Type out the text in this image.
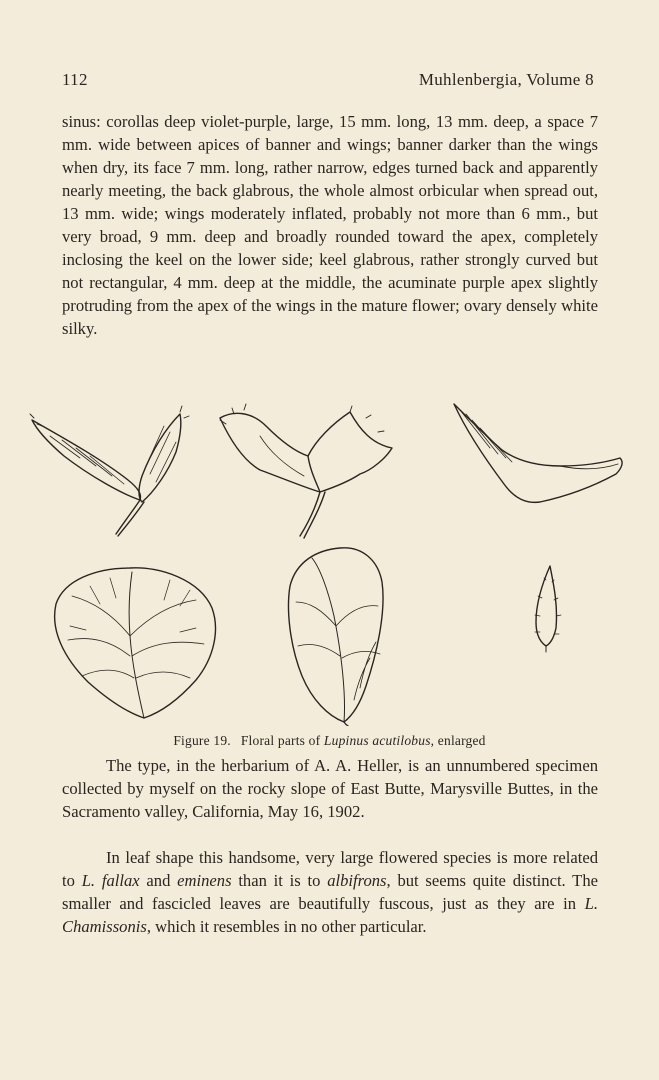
112	Muhlenbergia, Volume 8

sinus: corollas deep violet-purple, large, 15 mm. long, 13 mm. deep, a space 7 mm. wide between apices of banner and wings; banner darker than the wings when dry, its face 7 mm. long, rather narrow, edges turned back and apparently nearly meeting, the back glabrous, the whole almost orbicular when spread out, 13 mm. wide; wings moderately inflated, probably not more than 6 mm., but very broad, 9 mm. deep and broadly rounded toward the apex, completely inclosing the keel on the lower side; keel glabrous, rather strongly curved but not rectangular, 4 mm. deep at the middle, the acuminate purple apex slightly protruding from the apex of the wings in the mature flower; ovary densely white silky.

Figure 19. Floral parts of Lupinus acutilobus, enlarged

The type, in the herbarium of A. A. Heller, is an unnumbered specimen collected by myself on the rocky slope of East Butte, Marysville Buttes, in the Sacramento valley, California, May 16, 1902.

In leaf shape this handsome, very large flowered species is more related to L. fallax and eminens than it is to albifrons, but seems quite distinct. The smaller and fascicled leaves are beautifully fuscous, just as they are in L. Chamissonis, which it resembles in no other particular.
